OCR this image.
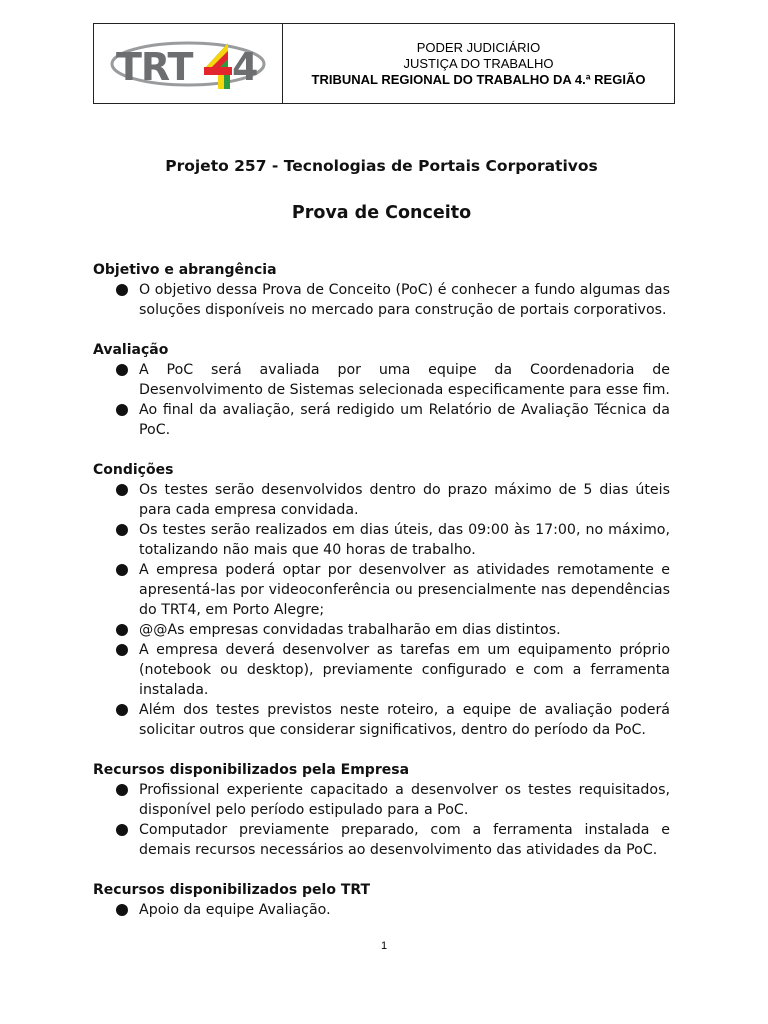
TRT 4	PODER JUDICIÁRIO
JUSTIÇA DO TRABALHO
TRIBUNAL REGIONAL DO TRABALHO DA 4.ª REGIÃO
Projeto 257 - Tecnologias de Portais Corporativos
Prova de Conceito
Objetivo e abrangência
O objetivo dessa Prova de Conceito (PoC) é conhecer a fundo algumas das soluções disponíveis no mercado para construção de portais corporativos.
Avaliação
A PoC será avaliada por uma equipe da Coordenadoria de Desenvolvimento de Sistemas selecionada especificamente para esse fim.
Ao final da avaliação, será redigido um Relatório de Avaliação Técnica da PoC.
Condições
Os testes serão desenvolvidos dentro do prazo máximo de 5 dias úteis para cada empresa convidada.
Os testes serão realizados em dias úteis, das 09:00 às 17:00, no máximo, totalizando não mais que 40 horas de trabalho.
A empresa poderá optar por desenvolver as atividades remotamente e apresentá-las por videoconferência ou presencialmente nas dependências do TRT4, em Porto Alegre;
@@As empresas convidadas trabalharão em dias distintos.
A empresa deverá desenvolver as tarefas em um equipamento próprio (notebook ou desktop), previamente configurado e com a ferramenta instalada.
Além dos testes previstos neste roteiro, a equipe de avaliação poderá solicitar outros que considerar significativos, dentro do período da PoC.
Recursos disponibilizados pela Empresa
Profissional experiente capacitado a desenvolver os testes requisitados, disponível pelo período estipulado para a PoC.
Computador previamente preparado, com a ferramenta instalada e demais recursos necessários ao desenvolvimento das atividades da PoC.
Recursos disponibilizados pelo TRT
Apoio da equipe Avaliação.
1
